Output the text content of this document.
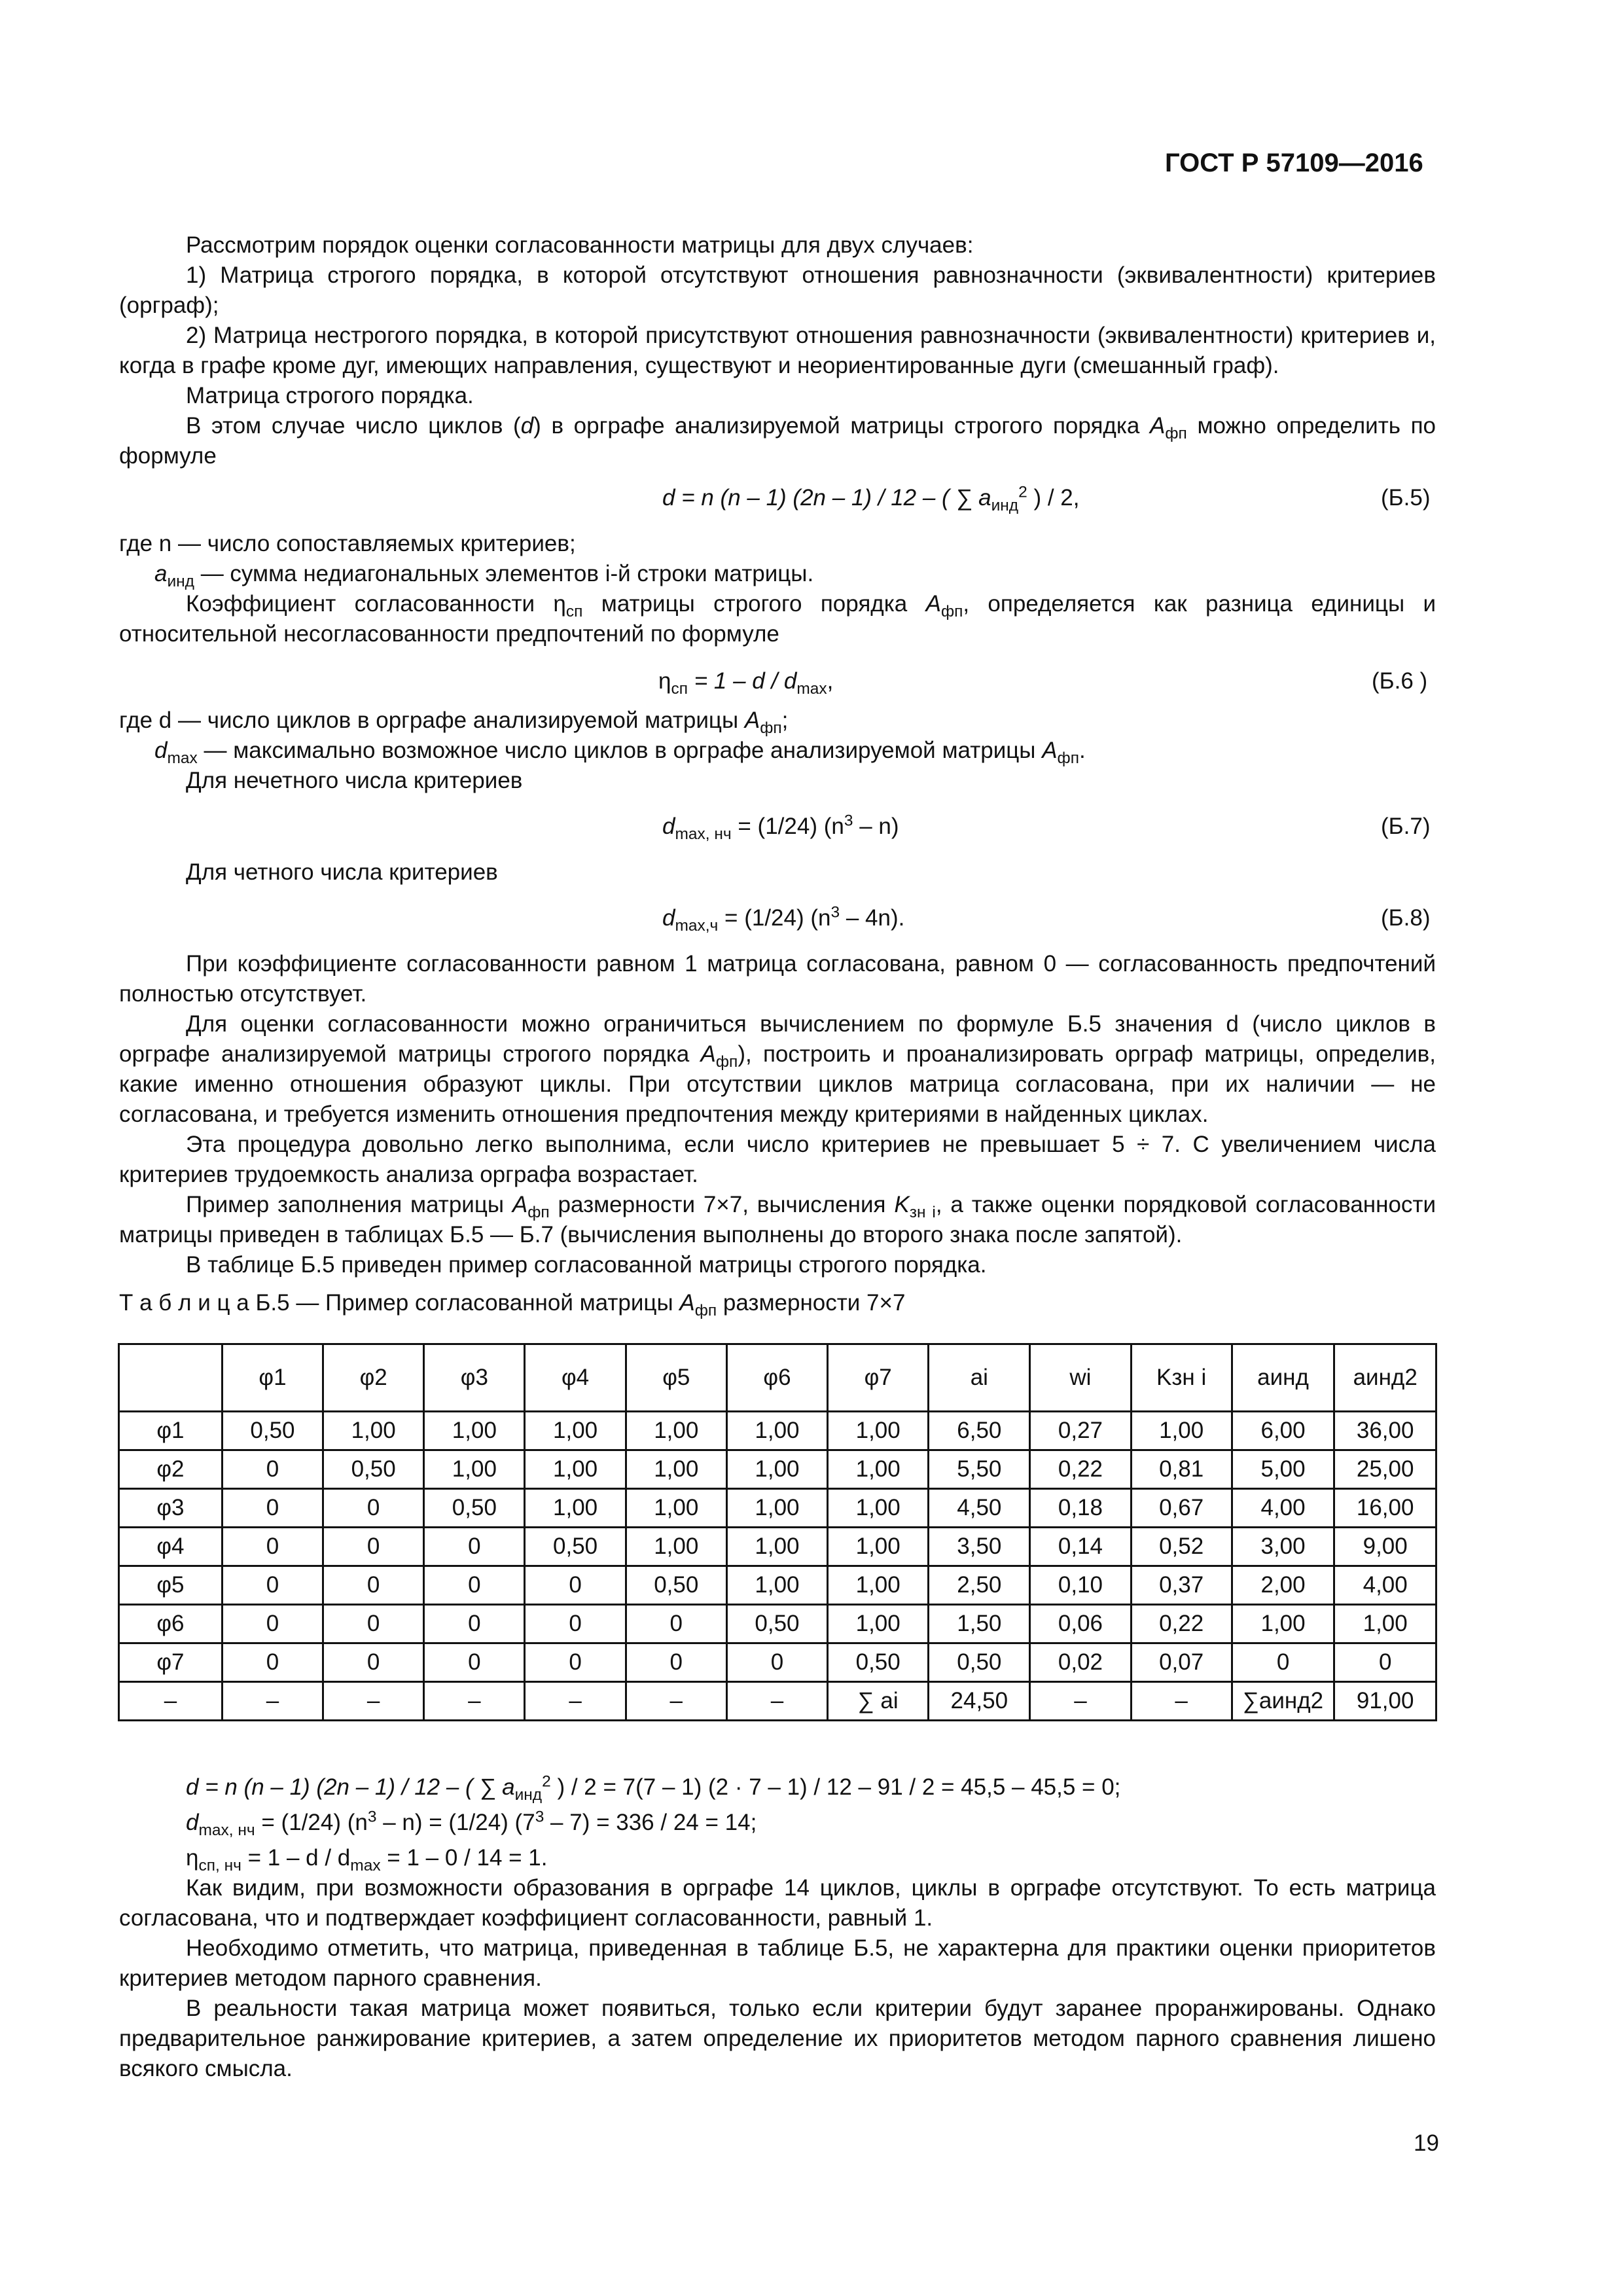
ГОСТ Р 57109—2016
Рассмотрим порядок оценки согласованности матрицы для двух случаев:
1) Матрица строгого порядка, в которой отсутствуют отношения равнозначности (эквивалентности) критериев (орграф);
2) Матрица нестрогого порядка, в которой присутствуют отношения равнозначности (эквивалентности) критериев и, когда в графе кроме дуг, имеющих направления, существуют и неориентированные дуги (смешанный граф).
Матрица строгого порядка.
В этом случае число циклов (d) в орграфе анализируемой матрицы строгого порядка $A_{фп}$ можно определить по формуле
d = n (n – 1) (2n – 1) / 12 – ( ∑ $a_{инд}^2$ ) / 2,	(Б.5)
где n — число сопоставляемых критериев;
$a_{инд}$ — сумма недиагональных элементов i-й строки матрицы.
Коэффициент согласованности $\eta_{сп}$ матрицы строгого порядка $A_{фп}$, определяется как разница единицы и относительной несогласованности предпочтений по формуле
$\eta_{сп} = 1 - d / d_{max}$,	(Б.6 )
где d — число циклов в орграфе анализируемой матрицы $A_{фп}$;
$d_{max}$ — максимально возможное число циклов в орграфе анализируемой матрицы $A_{фп}$.
Для нечетного числа критериев
$d_{max, нч} = (1/24)$ $(n^3 - n)$	(Б.7)
Для четного числа критериев
$d_{max,ч} = (1/24)$ $(n^3 - 4n)$.	(Б.8)
При коэффициенте согласованности равном 1 матрица согласована, равном 0 — согласованность предпочтений полностью отсутствует.
Для оценки согласованности можно ограничиться вычислением по формуле Б.5 значения d (число циклов в орграфе анализируемой матрицы строгого порядка $A_{фп}$), построить и проанализировать орграф матрицы, определив, какие именно отношения образуют циклы. При отсутствии циклов матрица согласована, при их наличии — не согласована, и требуется изменить отношения предпочтения между критериями в найденных циклах.
Эта процедура довольно легко выполнима, если число критериев не превышает 5 ÷ 7. С увеличением числа критериев трудоемкость анализа орграфа возрастает.
Пример заполнения матрицы $A_{фп}$ размерности 7×7, вычисления $K_{зн i}$, а также оценки порядковой согласованности матрицы приведен в таблицах Б.5 — Б.7 (вычисления выполнены до второго знака после запятой).
В таблице Б.5 приведен пример согласованной матрицы строгого порядка.
Т а б л и ц а Б.5 — Пример согласованной матрицы $A_{фп}$ размерности 7×7
	φ1	φ2	φ3	φ4	φ5	φ6	φ7	ai	wi	Kзн i	aинд	aинд2
φ1	0,50	1,00	1,00	1,00	1,00	1,00	1,00	6,50	0,27	1,00	6,00	36,00
φ2	0	0,50	1,00	1,00	1,00	1,00	1,00	5,50	0,22	0,81	5,00	25,00
φ3	0	0	0,50	1,00	1,00	1,00	1,00	4,50	0,18	0,67	4,00	16,00
φ4	0	0	0	0,50	1,00	1,00	1,00	3,50	0,14	0,52	3,00	9,00
φ5	0	0	0	0	0,50	1,00	1,00	2,50	0,10	0,37	2,00	4,00
φ6	0	0	0	0	0	0,50	1,00	1,50	0,06	0,22	1,00	1,00
φ7	0	0	0	0	0	0	0,50	0,50	0,02	0,07	0	0
–	–	–	–	–	–	–	∑ ai	24,50	–	–	∑aинд2	91,00
d = n (n – 1) (2n – 1) / 12 – ( ∑ $a_{инд}^2$ ) / 2 = 7(7 – 1) (2 · 7 – 1) / 12 – 91 / 2 = 45,5 – 45,5 = 0;
$d_{max, нч} = (1/24)$ $(n^3 - n) = (1/24)$ $(7^3 - 7) = 336 / 24 = 14$;
$\eta_{сп, нч} = 1 - d / d_{max} = 1 - 0 / 14 = 1$.
Как видим, при возможности образования в орграфе 14 циклов, циклы в орграфе отсутствуют. То есть матрица согласована, что и подтверждает коэффициент согласованности, равный 1.
Необходимо отметить, что матрица, приведенная в таблице Б.5, не характерна для практики оценки приоритетов критериев методом парного сравнения.
В реальности такая матрица может появиться, только если критерии будут заранее проранжированы. Однако предварительное ранжирование критериев, а затем определение их приоритетов методом парного сравнения лишено всякого смысла.
19
